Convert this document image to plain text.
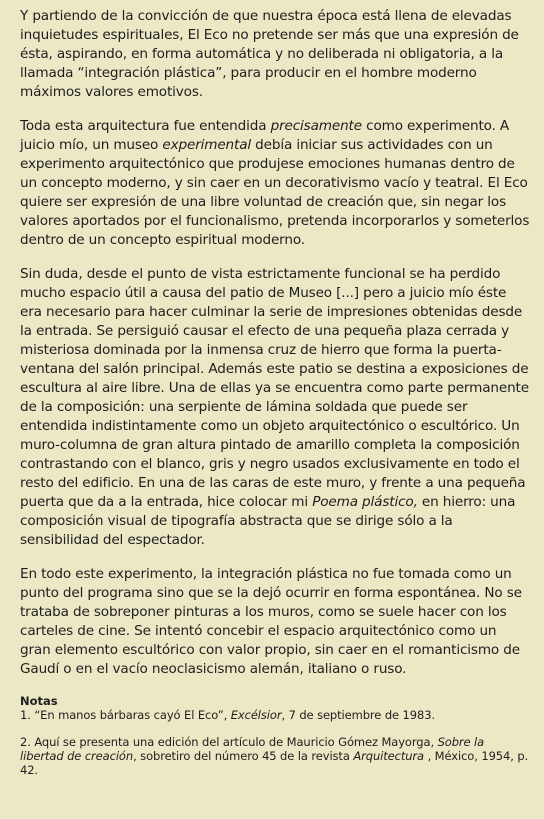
Y partiendo de la convicción de que nuestra época está llena de elevadas inquietudes espirituales, El Eco no pretende ser más que una expresión de ésta, aspirando, en forma automática y no deliberada ni obligatoria, a la llamada “integración plástica”, para producir en el hombre moderno máximos valores emotivos.

Toda esta arquitectura fue entendida precisamente como experimento. A juicio mío, un museo experimental debía iniciar sus actividades con un experimento arquitectónico que produjese emociones humanas dentro de un concepto moderno, y sin caer en un decorativismo vacío y teatral. El Eco quiere ser expresión de una libre voluntad de creación que, sin negar los valores aportados por el funcionalismo, pretenda incorporarlos y someterlos dentro de un concepto espiritual moderno.

Sin duda, desde el punto de vista estrictamente funcional se ha perdido mucho espacio útil a causa del patio de Museo [...] pero a juicio mío éste era necesario para hacer culminar la serie de impresiones obtenidas desde la entrada. Se persiguió causar el efecto de una pequeña plaza cerrada y misteriosa dominada por la inmensa cruz de hierro que forma la puerta-ventana del salón principal. Además este patio se destina a exposiciones de escultura al aire libre. Una de ellas ya se encuentra como parte permanente de la composición: una serpiente de lámina soldada que puede ser entendida indistintamente como un objeto arquitectónico o escultórico. Un muro-columna de gran altura pintado de amarillo completa la composición contrastando con el blanco, gris y negro usados exclusivamente en todo el resto del edificio. En una de las caras de este muro, y frente a una pequeña puerta que da a la entrada, hice colocar mi Poema plástico, en hierro: una composición visual de tipografía abstracta que se dirige sólo a la sensibilidad del espectador.

En todo este experimento, la integración plástica no fue tomada como un punto del programa sino que se la dejó ocurrir en forma espontánea. No se trataba de sobreponer pinturas a los muros, como se suele hacer con los carteles de cine. Se intentó concebir el espacio arquitectónico como un gran elemento escultórico con valor propio, sin caer en el romanticismo de Gaudí o en el vacío neoclasicismo alemán, italiano o ruso.

Notas

1. “En manos bárbaras cayó El Eco”, Excélsior, 7 de septiembre de 1983.

2. Aquí se presenta una edición del artículo de Mauricio Gómez Mayorga, Sobre la libertad de creación, sobretiro del número 45 de la revista Arquitectura , México, 1954, p. 42.
